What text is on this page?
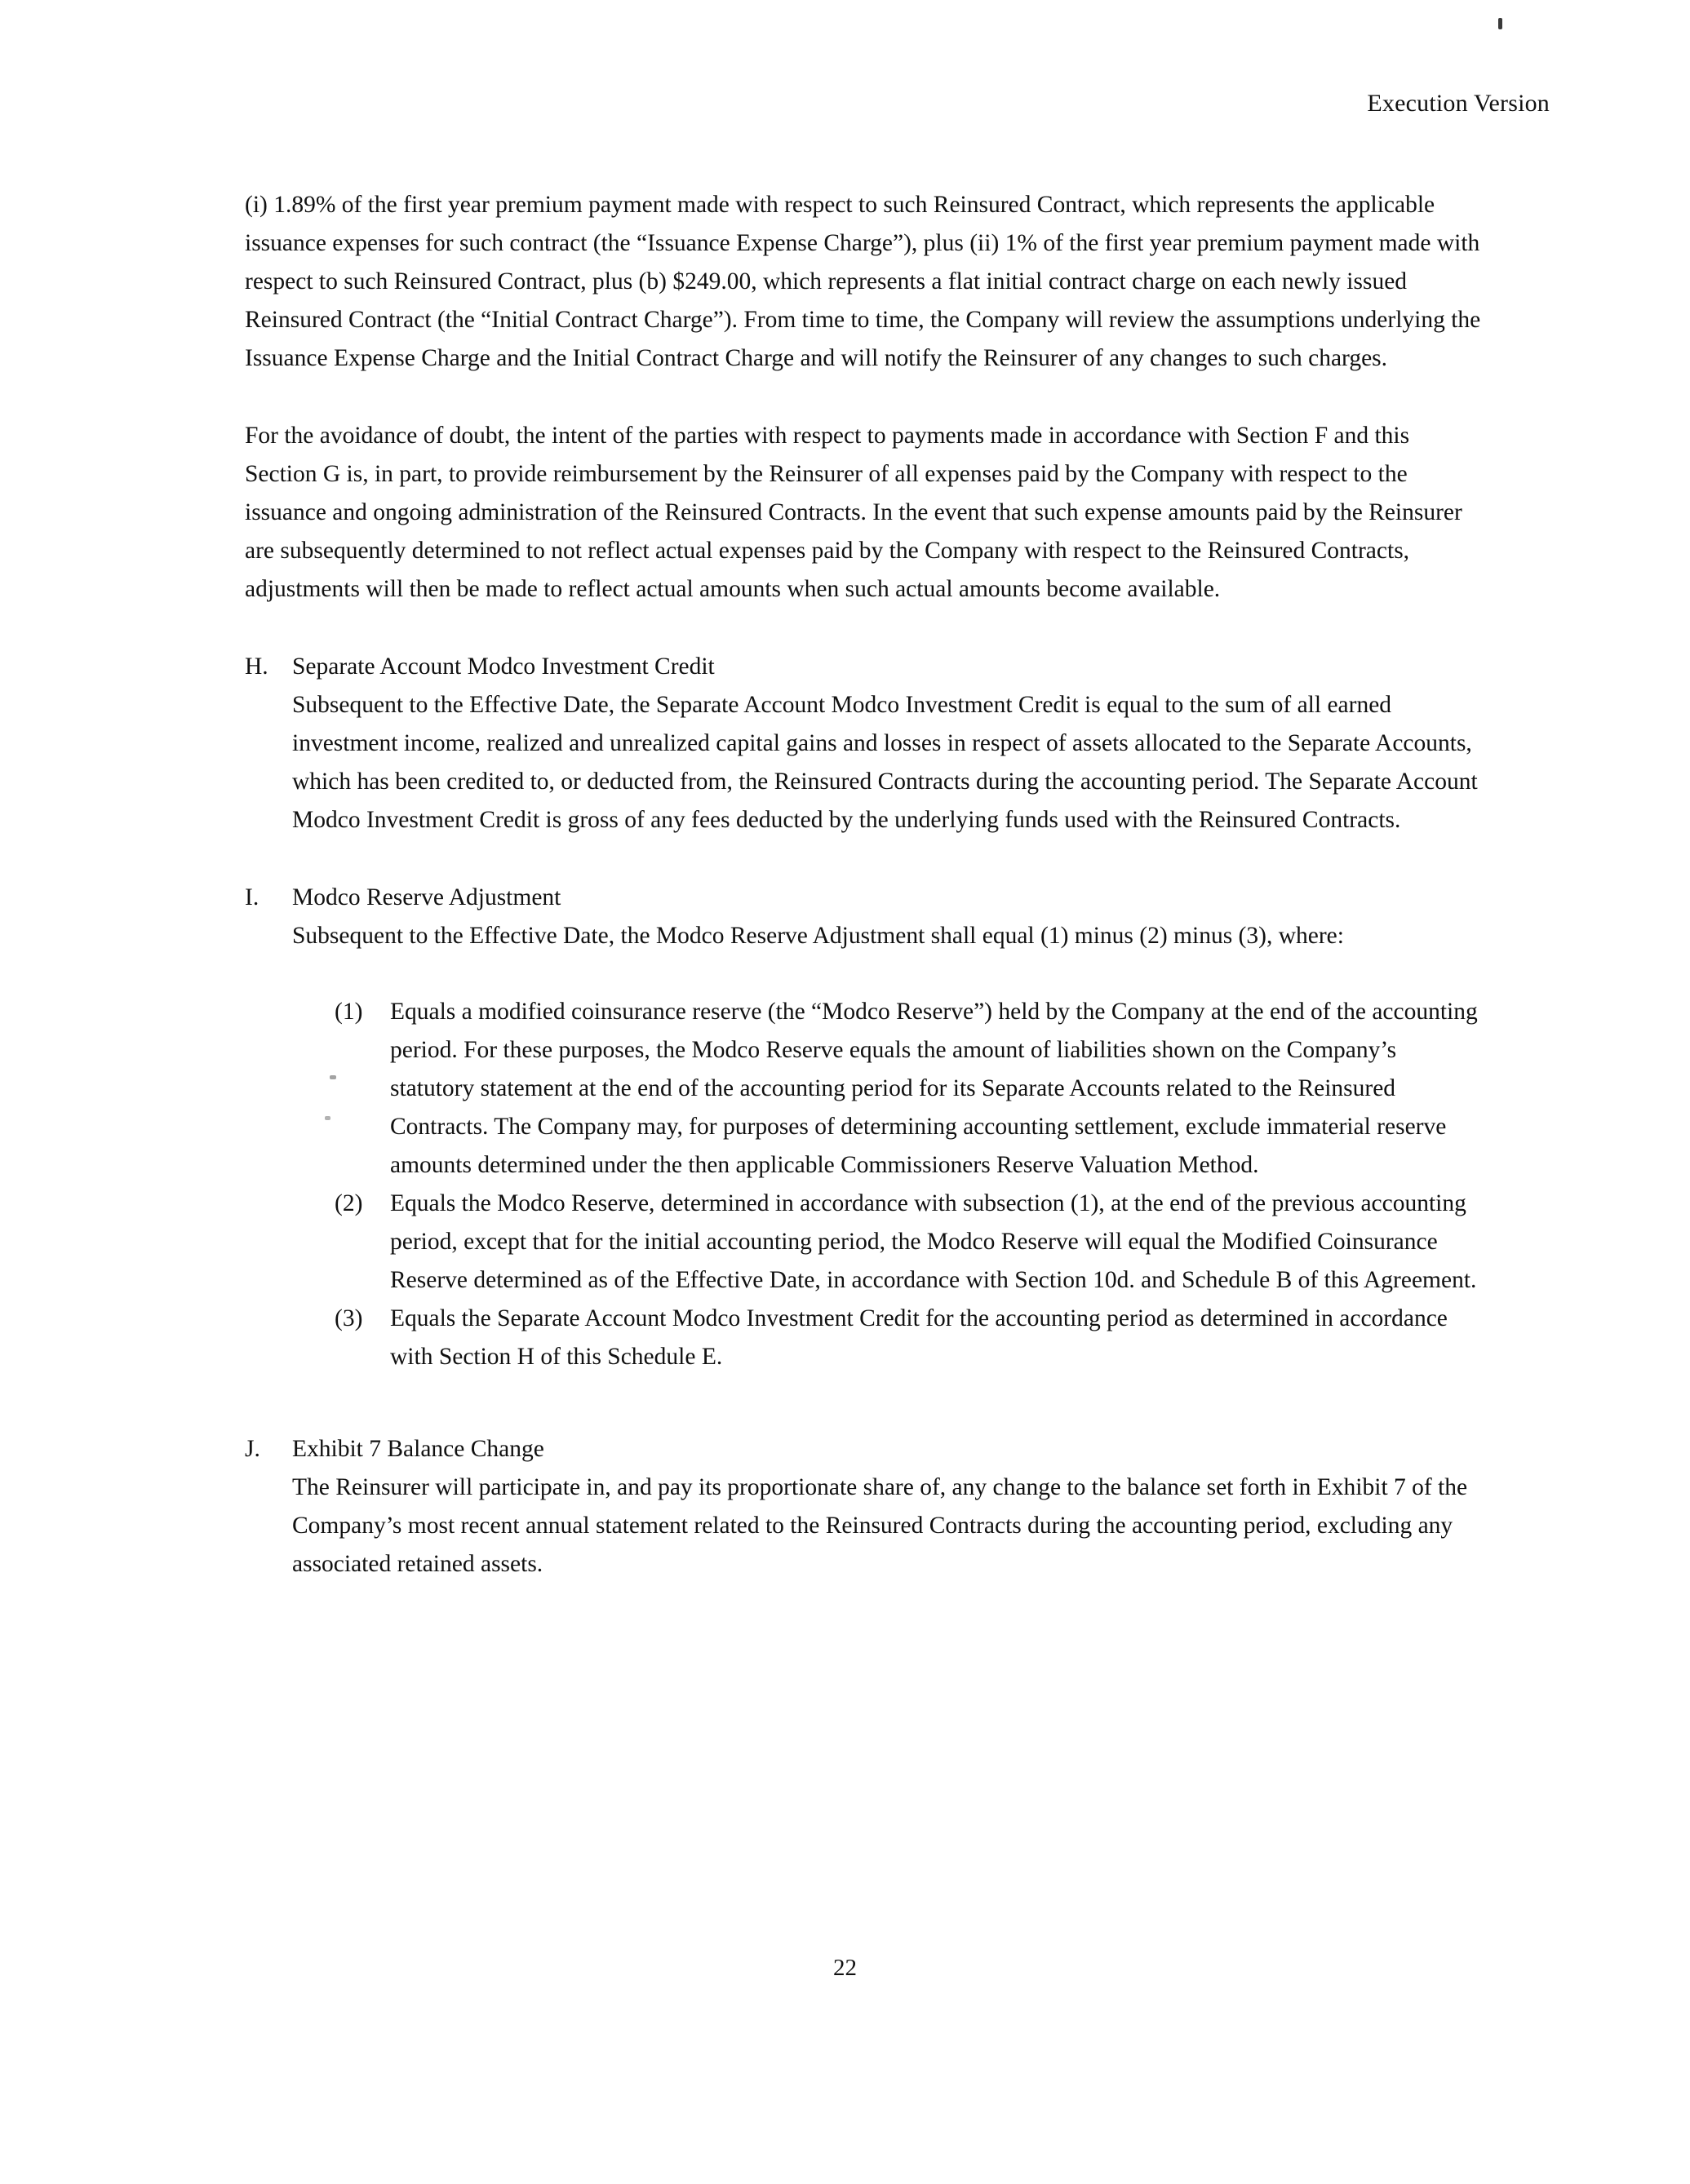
Execution Version

(i) 1.89% of the first year premium payment made with respect to such Reinsured Contract, which represents the applicable issuance expenses for such contract (the “Issuance Expense Charge”), plus (ii) 1% of the first year premium payment made with respect to such Reinsured Contract, plus (b) $249.00, which represents a flat initial contract charge on each newly issued Reinsured Contract (the “Initial Contract Charge”). From time to time, the Company will review the assumptions underlying the Issuance Expense Charge and the Initial Contract Charge and will notify the Reinsurer of any changes to such charges.

For the avoidance of doubt, the intent of the parties with respect to payments made in accordance with Section F and this Section G is, in part, to provide reimbursement by the Reinsurer of all expenses paid by the Company with respect to the issuance and ongoing administration of the Reinsured Contracts. In the event that such expense amounts paid by the Reinsurer are subsequently determined to not reflect actual expenses paid by the Company with respect to the Reinsured Contracts, adjustments will then be made to reflect actual amounts when such actual amounts become available.

H. Separate Account Modco Investment Credit
Subsequent to the Effective Date, the Separate Account Modco Investment Credit is equal to the sum of all earned investment income, realized and unrealized capital gains and losses in respect of assets allocated to the Separate Accounts, which has been credited to, or deducted from, the Reinsured Contracts during the accounting period. The Separate Account Modco Investment Credit is gross of any fees deducted by the underlying funds used with the Reinsured Contracts.
I.	Modco Reserve Adjustment
Subsequent to the Effective Date, the Modco Reserve Adjustment shall equal (1) minus (2) minus (3), where:
(1)	Equals a modified coinsurance reserve (the “Modco Reserve”) held by the Company at the end of the accounting period. For these purposes, the Modco Reserve equals the amount of liabilities shown on the Company’s statutory statement at the end of the accounting period for its Separate Accounts related to the Reinsured Contracts. The Company may, for purposes of determining accounting settlement, exclude immaterial reserve amounts determined under the then applicable Commissioners Reserve Valuation Method.
(2)	Equals the Modco Reserve, determined in accordance with subsection (1), at the end of the previous accounting period, except that for the initial accounting period, the Modco Reserve will equal the Modified Coinsurance Reserve determined as of the Effective Date, in accordance with Section 10d. and Schedule B of this Agreement.
(3)	Equals the Separate Account Modco Investment Credit for the accounting period as determined in accordance with Section H of this Schedule E.
J.	Exhibit 7 Balance Change
The Reinsurer will participate in, and pay its proportionate share of, any change to the balance set forth in Exhibit 7 of the Company’s most recent annual statement related to the Reinsured Contracts during the accounting period, excluding any associated retained assets.
22
